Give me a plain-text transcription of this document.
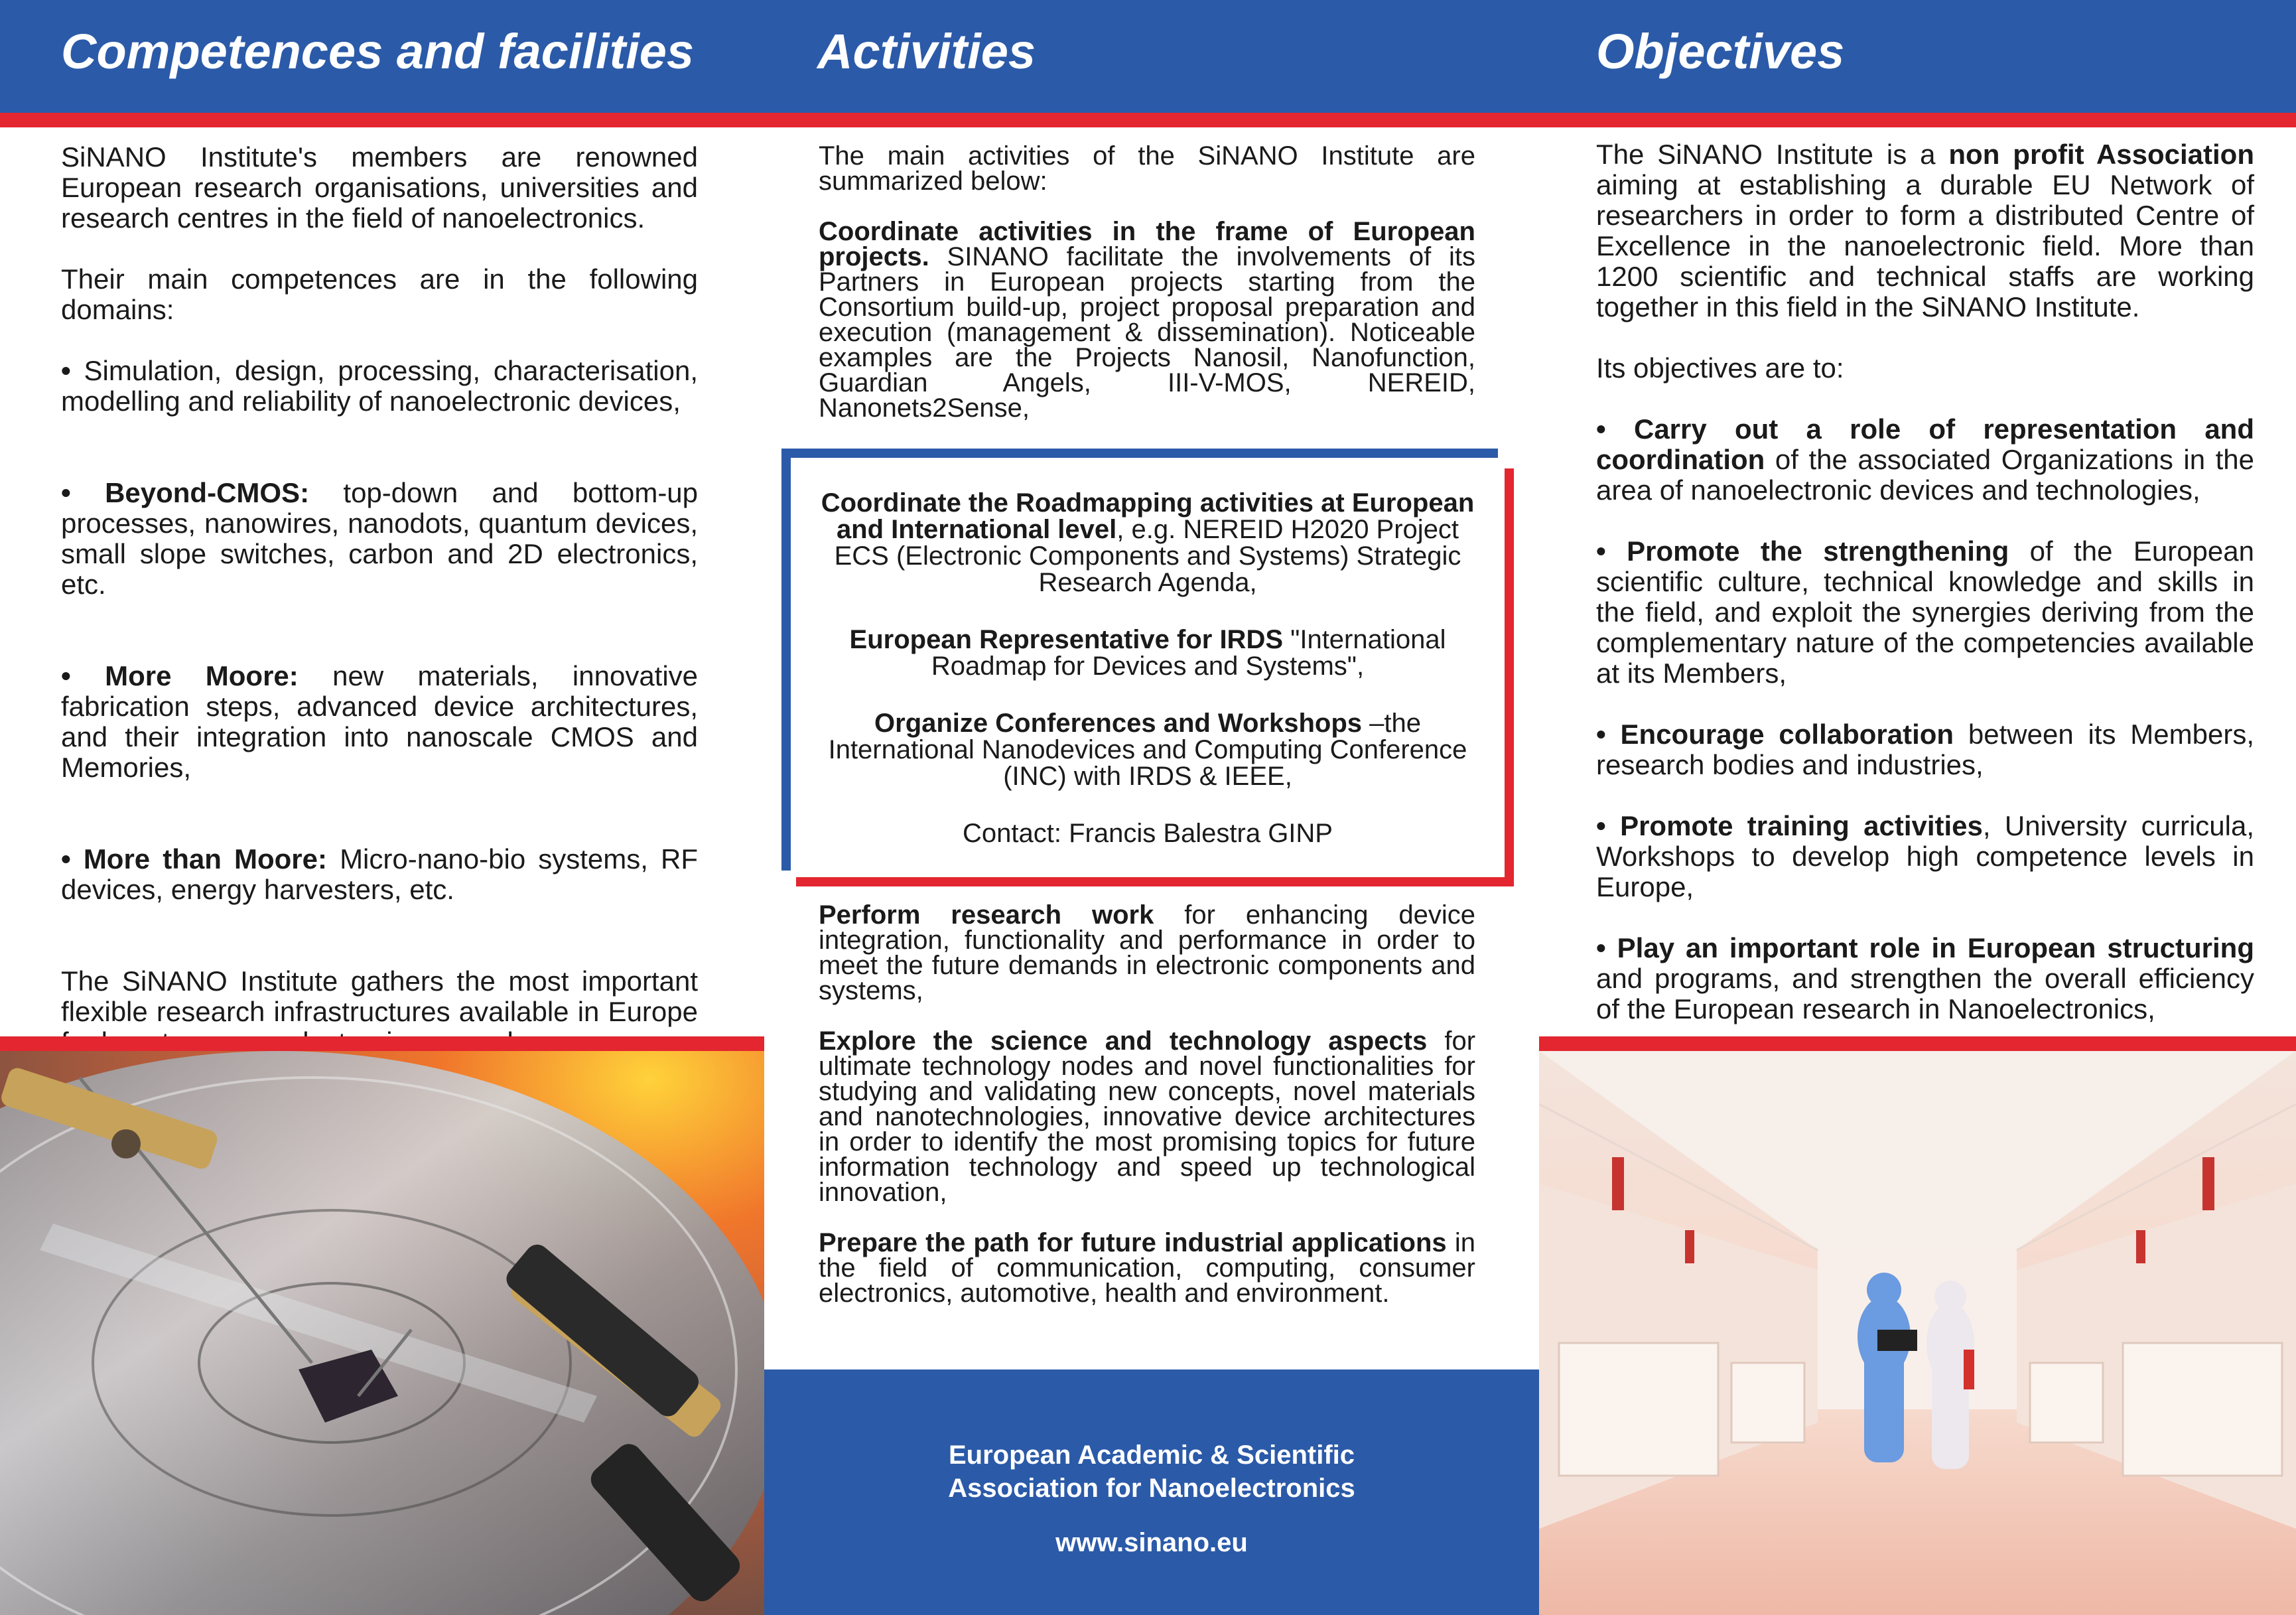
Competences and facilities	Activities	Objectives

SiNANO Institute's members are renowned European research organisations, universities and research centres in the field of nanoelectronics.

Their main competences are in the following domains:

• Simulation, design, processing, characterisation, modelling and reliability of nanoelectronic devices,

• Beyond-CMOS: top-down and bottom-up processes, nanowires, nanodots, quantum devices, small slope switches, carbon and 2D electronics, etc.

• More Moore: new materials, innovative fabrication steps, advanced device architectures, and their integration into nanoscale CMOS and Memories,

• More than Moore: Micro-nano-bio systems, RF devices, energy harvesters, etc.

The SiNANO Institute gathers the most important flexible research infrastructures available in Europe

The main activities of the SiNANO Institute are summarized below:

Coordinate activities in the frame of European projects. SINANO facilitate the involvements of its Partners in European projects starting from the Consortium build-up, project proposal preparation and execution (management & dissemination). Noticeable examples are the Projects Nanosil, Nanofunction, Guardian Angels, III-V-MOS, NEREID, Nanonets2Sense,

Coordinate the Roadmapping activities at European and International level, e.g. NEREID H2020 Project ECS (Electronic Components and Systems) Strategic Research Agenda,

European Representative for IRDS "International Roadmap for Devices and Systems",

Organize Conferences and Workshops –the International Nanodevices and Computing Conference (INC) with IRDS & IEEE,

Contact: Francis Balestra GINP

Perform research work for enhancing device integration, functionality and performance in order to meet the future demands in electronic components and systems,

Explore the science and technology aspects for ultimate technology nodes and novel functionalities for studying and validating new concepts, novel materials and nanotechnologies, innovative device architectures in order to identify the most promising topics for future information technology and speed up technological innovation,

Prepare the path for future industrial applications in the field of communication, computing, consumer electronics, automotive, health and environment.

European Academic & Scientific
Association for Nanoelectronics
www.sinano.eu

The SiNANO Institute is a non profit Association aiming at establishing a durable EU Network of researchers in order to form a distributed Centre of Excellence in the nanoelectronic field. More than 1200 scientific and technical staffs are working together in this field in the SiNANO Institute.

Its objectives are to:

• Carry out a role of representation and coordination of the associated Organizations in the area of nanoelectronic devices and technologies,

• Promote the strengthening of the European scientific culture, technical knowledge and skills in the field, and exploit the synergies deriving from the complementary nature of the competencies available at its Members,

• Encourage collaboration between its Members, research bodies and industries,

• Promote training activities, University curricula, Workshops to develop high competence levels in Europe,

• Play an important role in European structuring and programs, and strengthen the overall efficiency of the European research in Nanoelectronics,
